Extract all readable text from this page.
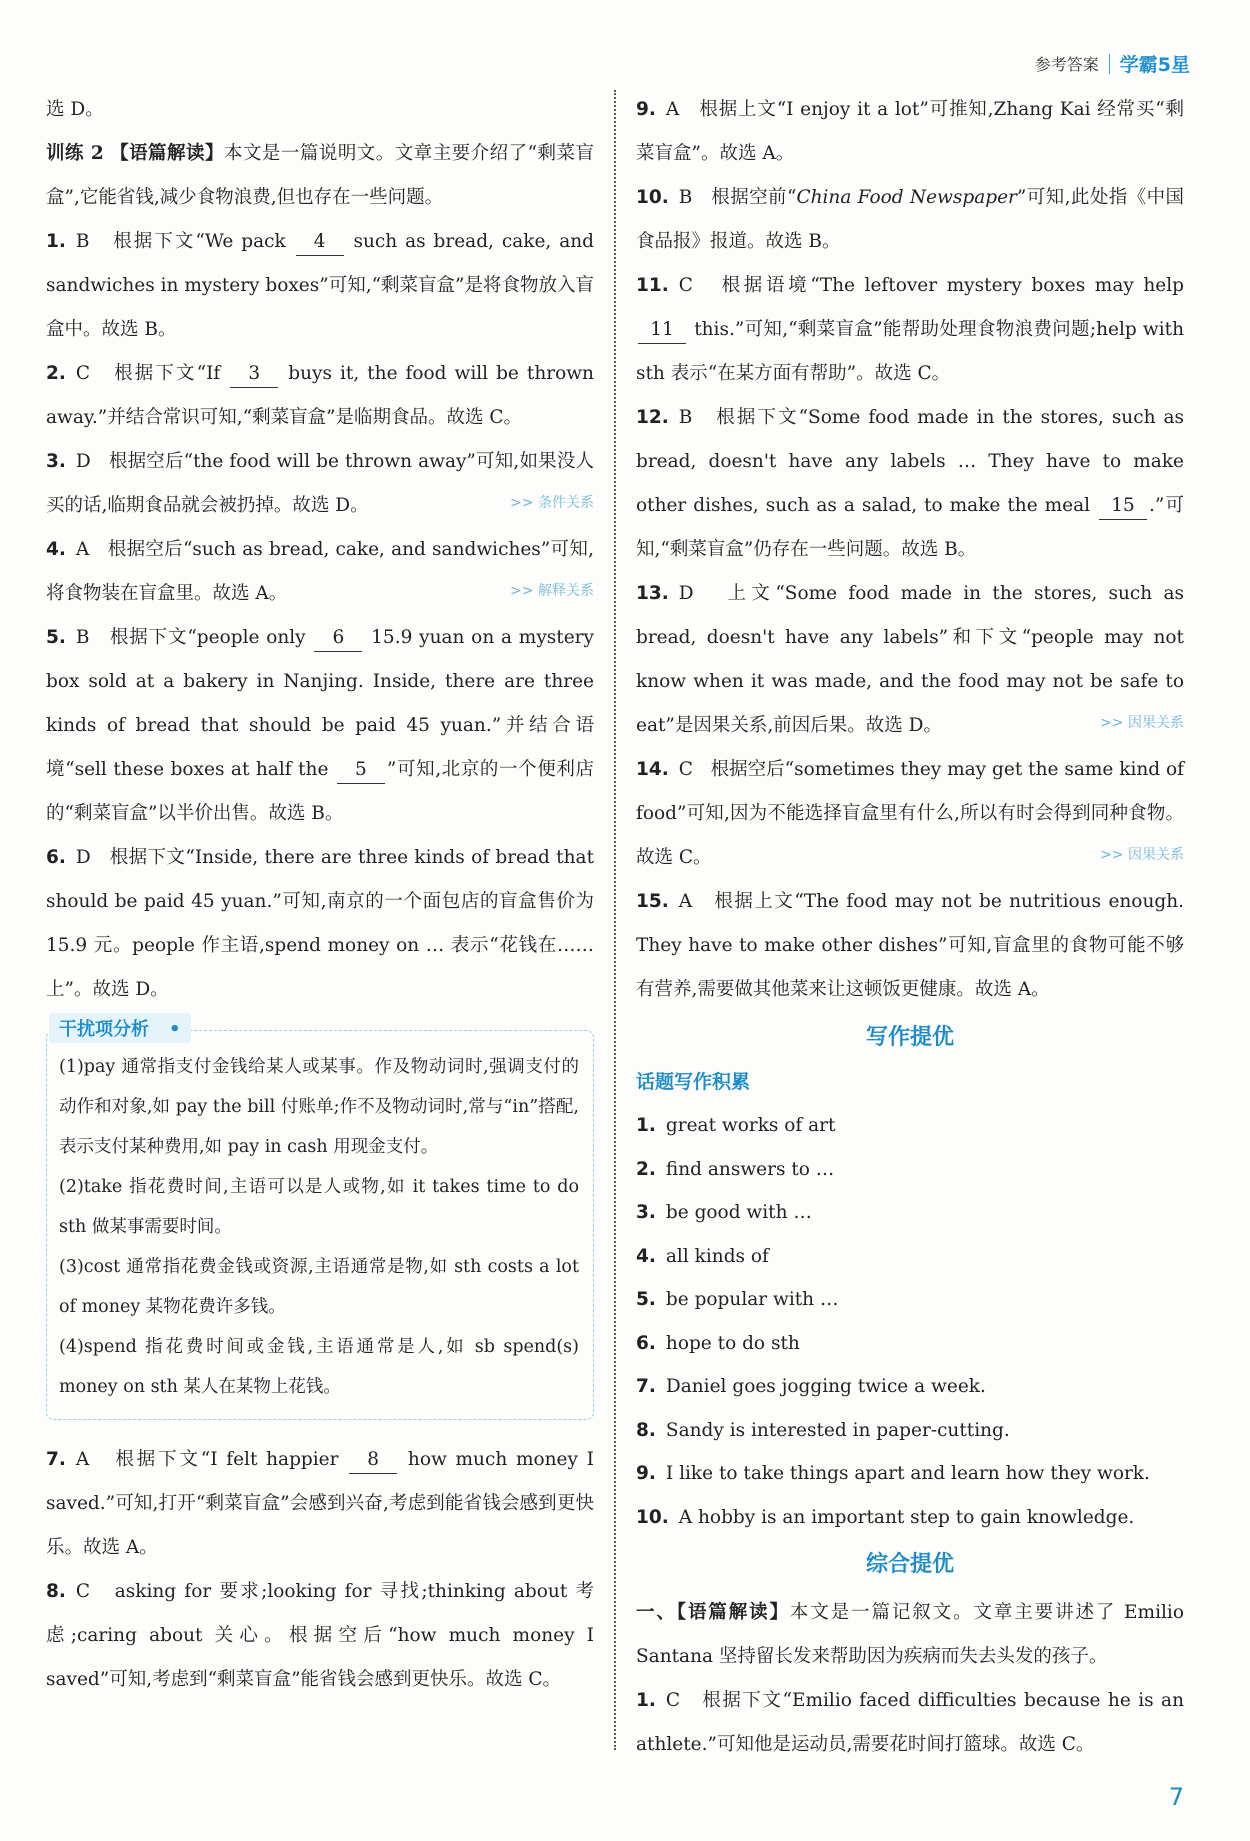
参考答案 学霸5星

选 D。

训练 2 【语篇解读】本文是一篇说明文。文章主要介绍了“剩菜盲盒”,它能省钱,减少食物浪费,但也存在一些问题。

1. B 根据下文“We pack 4 such as bread, cake, and sandwiches in mystery boxes”可知,“剩菜盲盒”是将食物放入盲盒中。故选 B。

2. C 根据下文“If 3 buys it, the food will be thrown away.”并结合常识可知,“剩菜盲盒”是临期食品。故选 C。

3. D 根据空后“the food will be thrown away”可知,如果没人买的话,临期食品就会被扔掉。故选 D。	>> 条件关系

4. A 根据空后“such as bread, cake, and sandwiches”可知,将食物装在盲盒里。故选 A。	>> 解释关系

5. B 根据下文“people only 6 15.9 yuan on a mystery box sold at a bakery in Nanjing. Inside, there are three kinds of bread that should be paid 45 yuan.”并结合语境“sell these boxes at half the 5 ”可知,北京的一个便利店的“剩菜盲盒”以半价出售。故选 B。

6. D 根据下文“Inside, there are three kinds of bread that should be paid 45 yuan.”可知,南京的一个面包店的盲盒售价为 15.9 元。people 作主语,spend money on … 表示“花钱在……上”。故选 D。

干扰项分析 •

(1)pay 通常指支付金钱给某人或某事。作及物动词时,强调支付的动作和对象,如 pay the bill 付账单;作不及物动词时,常与“in”搭配,表示支付某种费用,如 pay in cash 用现金支付。

(2)take 指花费时间,主语可以是人或物,如 it takes time to do sth 做某事需要时间。

(3)cost 通常指花费金钱或资源,主语通常是物,如 sth costs a lot of money 某物花费许多钱。

(4)spend 指花费时间或金钱,主语通常是人,如 sb spend(s) money on sth 某人在某物上花钱。

7. A 根据下文“I felt happier 8 how much money I saved.”可知,打开“剩菜盲盒”会感到兴奋,考虑到能省钱会感到更快乐。故选 A。

8. C asking for 要求;looking for 寻找;thinking about 考虑;caring about 关心。根据空后“how much money I saved”可知,考虑到“剩菜盲盒”能省钱会感到更快乐。故选 C。

9. A 根据上文“I enjoy it a lot”可推知,Zhang Kai 经常买“剩菜盲盒”。故选 A。

10. B 根据空前“China Food Newspaper”可知,此处指《中国食品报》报道。故选 B。

11. C 根据语境“The leftover mystery boxes may help 11 this.”可知,“剩菜盲盒”能帮助处理食物浪费问题;help with sth 表示“在某方面有帮助”。故选 C。

12. B 根据下文“Some food made in the stores, such as bread, doesn't have any labels … They have to make other dishes, such as a salad, to make the meal 15 .”可知,“剩菜盲盒”仍存在一些问题。故选 B。

13. D 上文“Some food made in the stores, such as bread, doesn't have any labels”和下文“people may not know when it was made, and the food may not be safe to eat”是因果关系,前因后果。故选 D。	>> 因果关系

14. C 根据空后“sometimes they may get the same kind of food”可知,因为不能选择盲盒里有什么,所以有时会得到同种食物。故选 C。	>> 因果关系

15. A 根据上文“The food may not be nutritious enough. They have to make other dishes”可知,盲盒里的食物可能不够有营养,需要做其他菜来让这顿饭更健康。故选 A。

写作提优
话题写作积累

1. great works of art

2. find answers to …

3. be good with …

4. all kinds of

5. be popular with …

6. hope to do sth

7. Daniel goes jogging twice a week.

8. Sandy is interested in paper-cutting.

9. I like to take things apart and learn how they work.

10. A hobby is an important step to gain knowledge.

综合提优

一、【语篇解读】本文是一篇记叙文。文章主要讲述了 Emilio Santana 坚持留长发来帮助因为疾病而失去头发的孩子。

1. C 根据下文“Emilio faced difficulties because he is an athlete.”可知他是运动员,需要花时间打篮球。故选 C。

7
